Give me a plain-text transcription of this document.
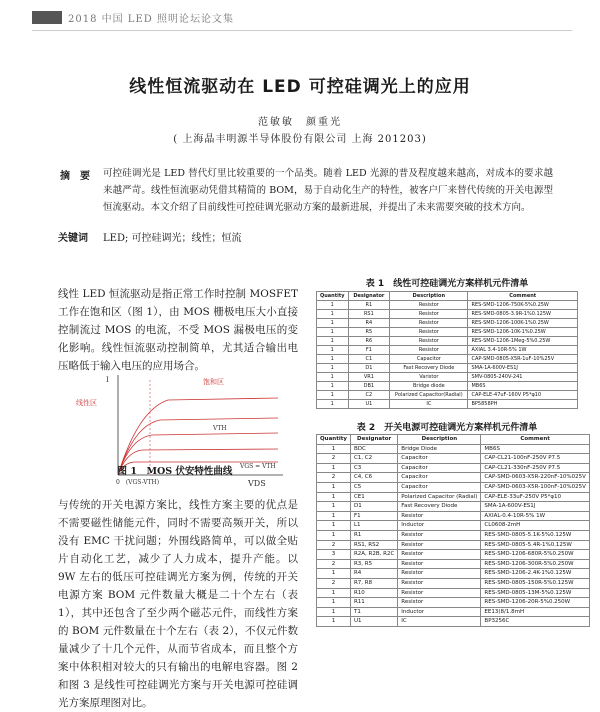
2018 中国 LED 照明论坛论文集
线性恒流驱动在 LED 可控硅调光上的应用
范敏敏　颜重光
( 上海晶丰明源半导体股份有限公司 上海 201203)
摘　要 可控硅调光是 LED 替代灯里比较重要的一个品类。随着 LED 光源的普及程度越来越高，对成本的要求越来越严苛。线性恒流驱动凭借其精简的 BOM，易于自动化生产的特性，被客户厂来替代传统的开关电源型恒流驱动。本文介绍了目前线性可控硅调光驱动方案的最新进展，并提出了未来需要突破的技术方向。
关键词 LED; 可控硅调光；线性；恒流
线性 LED 恒流驱动是指正常工作时控制 MOSFET 工作在饱和区（图 1），由 MOS 栅极电压大小直接控制流过 MOS 的电流，不受 MOS 漏极电压的变化影响。线性恒流驱动控制简单，尤其适合输出电压略低于输入电压的应用场合。
I
线性区
饱和区
VTH
VGS = VTH
0　(VGS-VTH)	VDS
图 1　MOS 伏安特性曲线
与传统的开关电源方案比，线性方案主要的优点是不需要磁性储能元件，同时不需要高频开关，所以没有 EMC 干扰问题；外围线路简单，可以做全贴片自动化工艺，减少了人力成本，提升产能。以 9W 左右的低压可控硅调光方案为例，传统的开关电源方案 BOM 元件数量大概是二十个左右（表 1），其中还包含了至少两个磁芯元件，而线性方案的 BOM 元件数量在十个左右（表 2），不仅元件数量减少了十几个元件，从而节省成本，而且整个方案中体积相对较大的只有输出的电解电容器。图 2 和图 3 是线性可控硅调光方案与开关电源可控硅调光方案原理图对比。
表 1　线性可控硅调光方案样机元件清单
Quantity	Designator	Description	Comment
1	R1	Resistor	RES-SMD-1206-750K-5%0.25W
1	RS1	Resistor	RES-SMD-0805-3.9R-1%0.125W
1	R4	Resistor	RES-SMD-1206-100K-1%0.25W
1	R5	Resistor	RES-SMD-1206-10K-1%0.25W
1	R6	Resistor	RES-SMD-1206-1Meg-5%0.25W
1	F1	Resistor	AXIAL 3.4-10R-5% 1W
1	C1	Capacitor	CAP-SMD-0805-X5R-1uF-10%25V
1	D1	Fast Recovery Diode	SMA-1A-600V-ES1J
1	VR1	Varistor	SMV-0805-240V-241
1	DB1	Bridge diode	MB6S
1	C2	Polarized Capacitor(Radial)	CAP-ELE-47uF-160V P5*φ10
1	U1	IC	BP5858PH
表 2　开关电源可控硅调光方案样机元件清单
Quantity	Designator	Description	Comment
1	BDC	Bridge Diode	MB6S
2	C1, C2	Capacitor	CAP-CL21-100nF-250V P7.5
1	C3	Capacitor	CAP-CL21-330nF-250V P7.5
2	C4, C6	Capacitor	CAP-SMD-0603-X5R-220nF-10%025V
1	C5	Capacitor	CAP-SMD-0603-X5R-100nF-10%025V
1	CE1	Polarized Capacitor (Radial)	CAP-ELE-33uF-250V P5*φ10
1	D1	Fast Recovery Diode	SMA-1A-600V-ES1J
1	F1	Resistor	AXIAL-0.4-10R-5% 1W
1	L1	Inductor	CL0608-2mH
1	R1	Resistor	RES-SMD-0805-5.1K-5%0.125W
2	RS1, RS2	Resistor	RES-SMD-0805-5.4R-1%0.125W
3	R2A, R2B, R2C	Resistor	RES-SMD-1206-680R-5%0.250W
2	R3, R5	Resistor	RES-SMD-1206-300R-5%0.250W
1	R4	Resistor	RES-SMD-1206-2.4K-1%0.125W
2	R7, R8	Resistor	RES-SMD-0805-150R-5%0.125W
1	R10	Resistor	RES-SMD-0805-13M-5%0.125W
1	R11	Resistor	RES-SMD-1206-20R-5%0.250W
1	T1	Inductor	EE13(8/1.8mH
1	U1	IC	BP3256C
